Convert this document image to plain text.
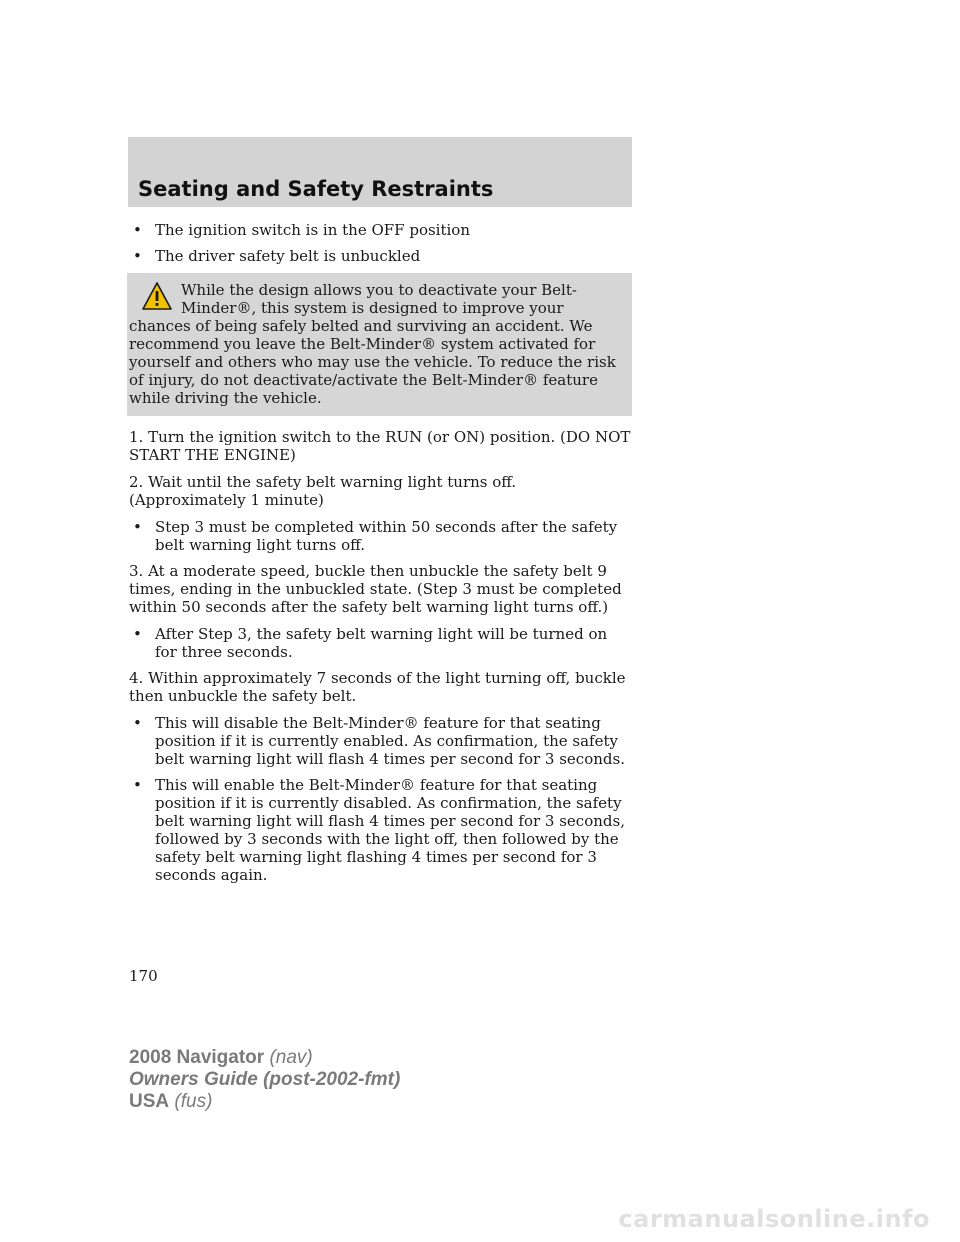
Seating and Safety Restraints
• The ignition switch is in the OFF position
• The driver safety belt is unbuckled

While the design allows you to deactivate your Belt-Minder®, this system is designed to improve your chances of being safely belted and surviving an accident. We recommend you leave the Belt-Minder® system activated for yourself and others who may use the vehicle. To reduce the risk of injury, do not deactivate/activate the Belt-Minder® feature while driving the vehicle.

1. Turn the ignition switch to the RUN (or ON) position. (DO NOT START THE ENGINE)

2. Wait until the safety belt warning light turns off. (Approximately 1 minute)

• Step 3 must be completed within 50 seconds after the safety belt warning light turns off.

3. At a moderate speed, buckle then unbuckle the safety belt 9 times, ending in the unbuckled state. (Step 3 must be completed within 50 seconds after the safety belt warning light turns off.)

• After Step 3, the safety belt warning light will be turned on for three seconds.

4. Within approximately 7 seconds of the light turning off, buckle then unbuckle the safety belt.

• This will disable the Belt-Minder® feature for that seating position if it is currently enabled. As confirmation, the safety belt warning light will flash 4 times per second for 3 seconds.
• This will enable the Belt-Minder® feature for that seating position if it is currently disabled. As confirmation, the safety belt warning light will flash 4 times per second for 3 seconds, followed by 3 seconds with the light off, then followed by the safety belt warning light flashing 4 times per second for 3 seconds again.

170

2008 Navigator (nav)
Owners Guide (post-2002-fmt)
USA (fus)
carmanualsonline.info
